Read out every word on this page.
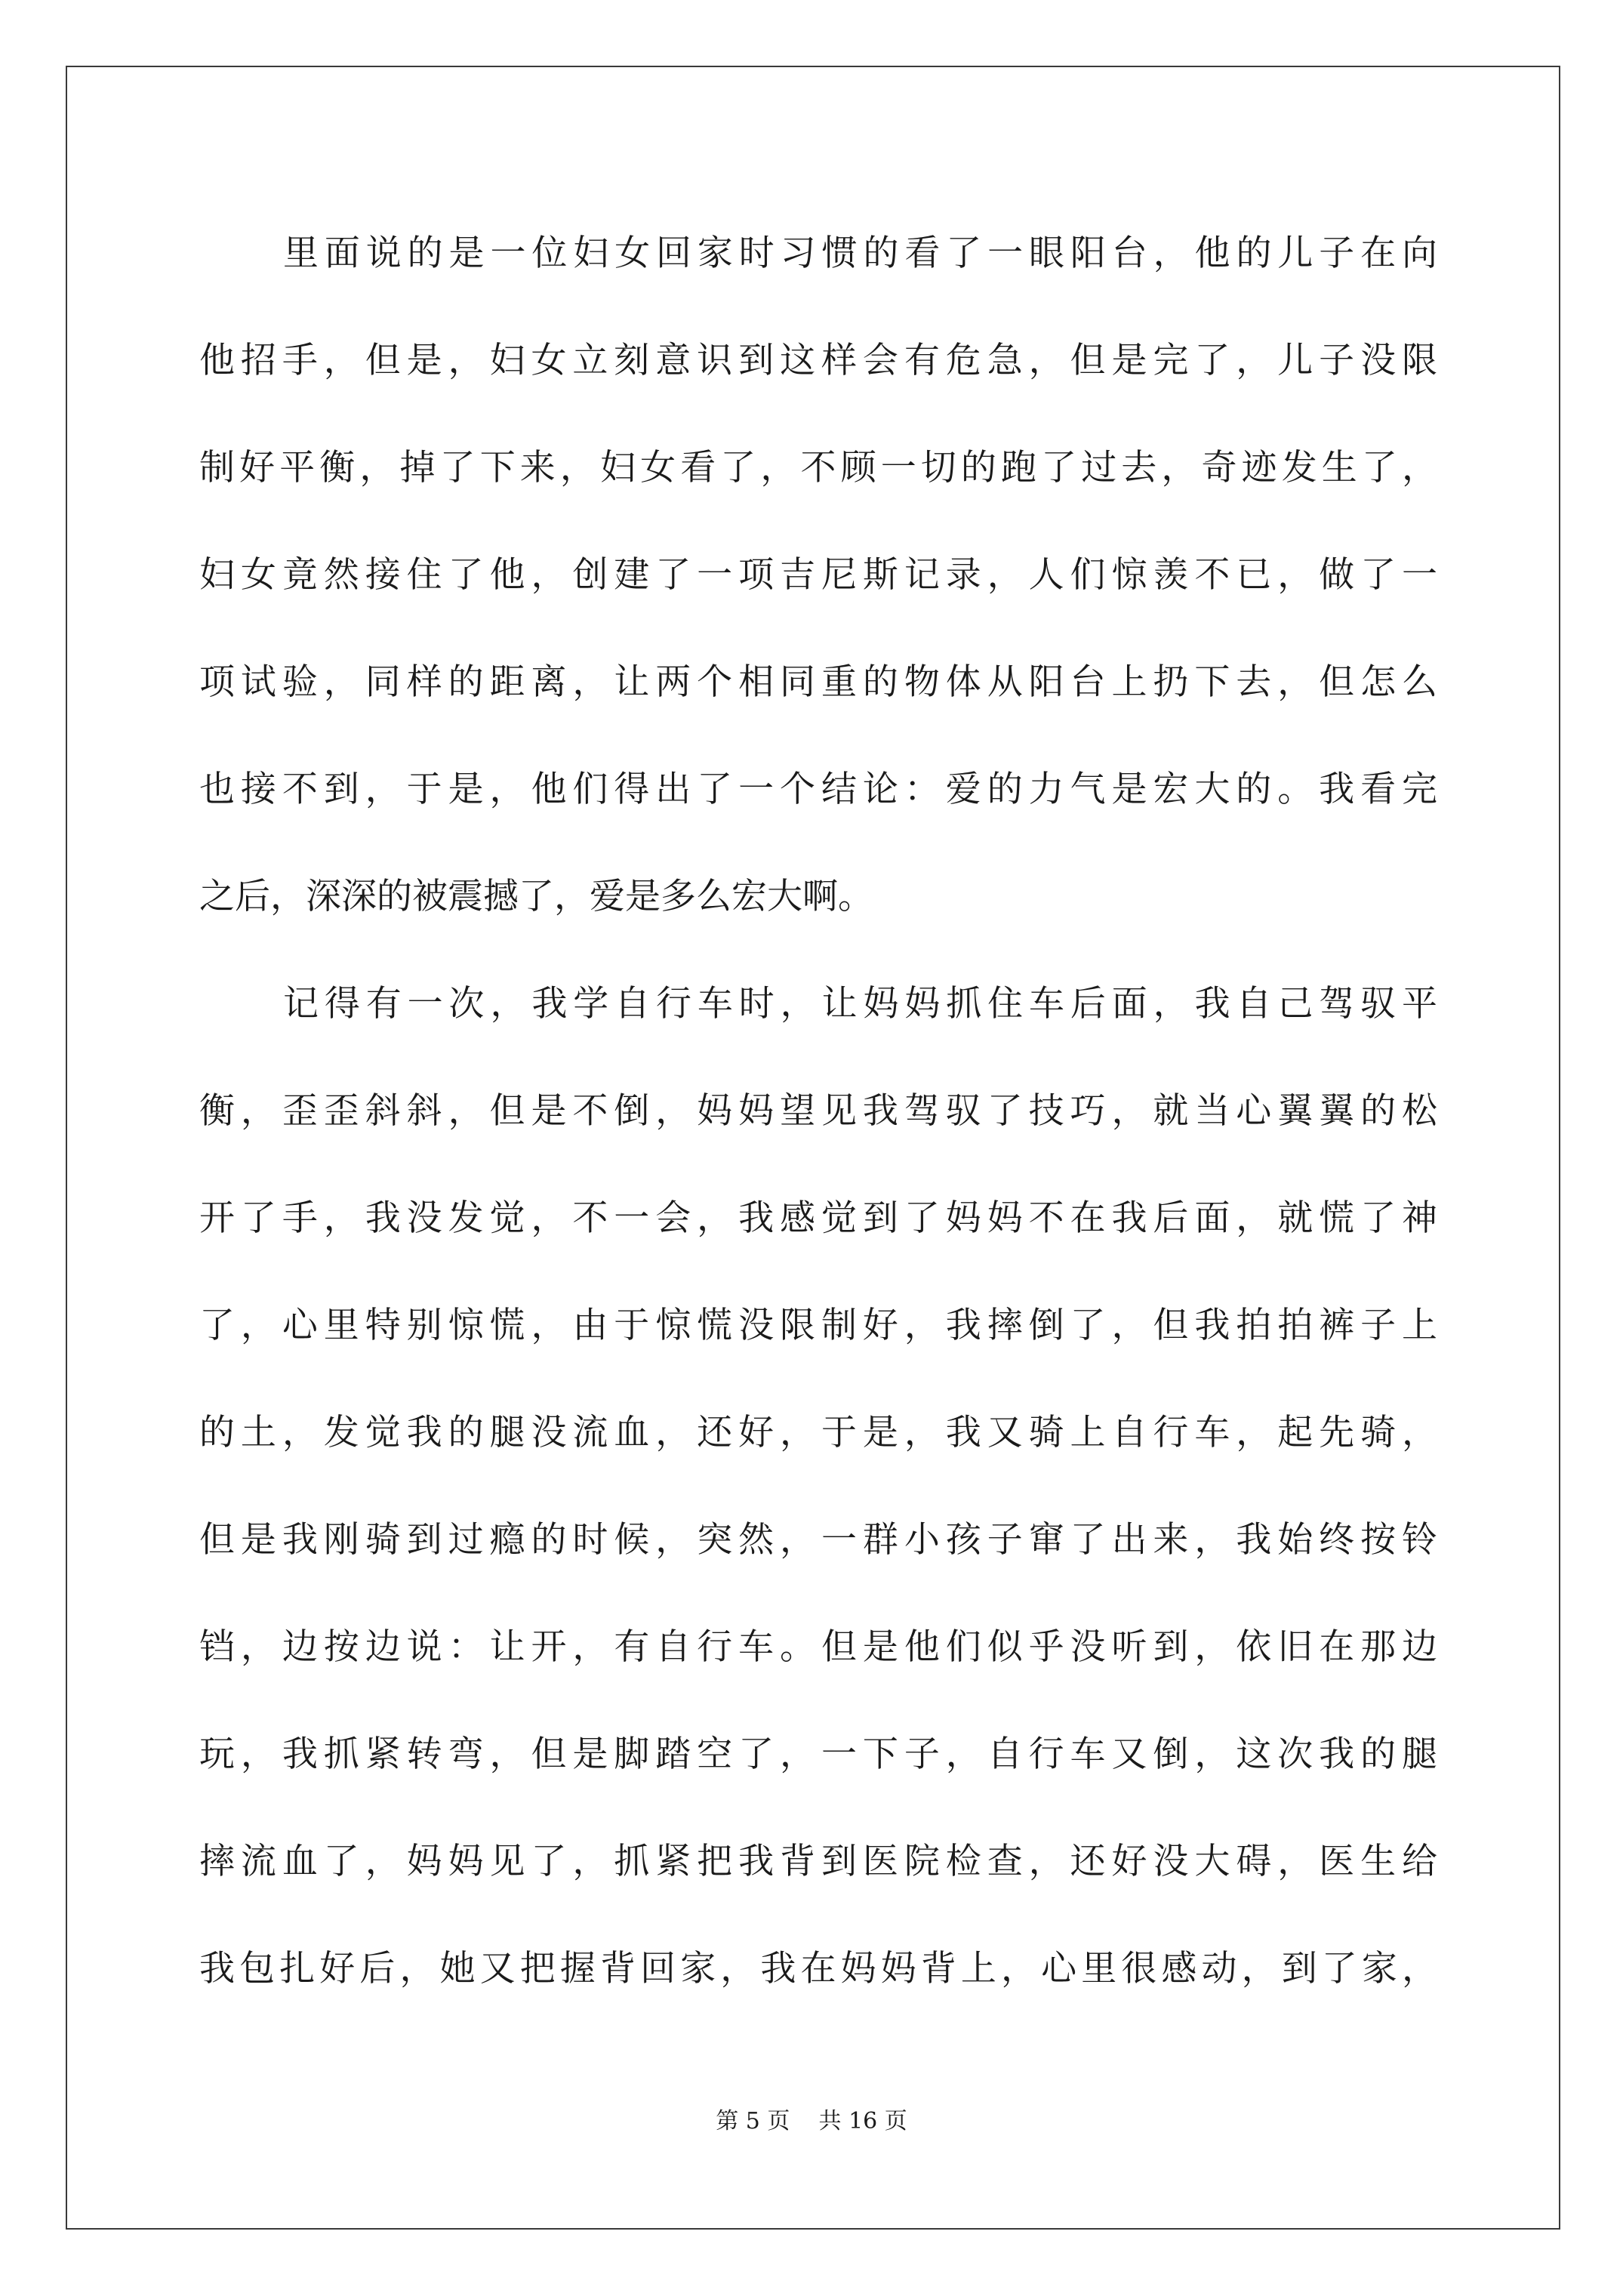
里面说的是一位妇女回家时习惯的看了一眼阳台，他的儿子在向
他招手，但是，妇女立刻意识到这样会有危急，但是完了，儿子没限
制好平衡，掉了下来，妇女看了，不顾一切的跑了过去，奇迹发生了，
妇女竟然接住了他，创建了一项吉尼斯记录，人们惊羡不已，做了一
项试验，同样的距离，让两个相同重的物体从阳台上扔下去，但怎么
也接不到，于是，他们得出了一个结论：爱的力气是宏大的。我看完
之后，深深的被震撼了，爱是多么宏大啊。
记得有一次，我学自行车时，让妈妈抓住车后面，我自己驾驭平
衡，歪歪斜斜，但是不倒，妈妈望见我驾驭了技巧，就当心翼翼的松
开了手，我没发觉，不一会，我感觉到了妈妈不在我后面，就慌了神
了，心里特别惊慌，由于惊慌没限制好，我摔倒了，但我拍拍裤子上
的土，发觉我的腿没流血，还好，于是，我又骑上自行车，起先骑，
但是我刚骑到过瘾的时候，突然，一群小孩子窜了出来，我始终按铃
铛，边按边说：让开，有自行车。但是他们似乎没听到，依旧在那边
玩，我抓紧转弯，但是脚踏空了，一下子，自行车又倒，这次我的腿
摔流血了，妈妈见了，抓紧把我背到医院检查，还好没大碍，医生给
我包扎好后，她又把握背回家，我在妈妈背上，心里很感动，到了家，
第 5 页 共 16 页
